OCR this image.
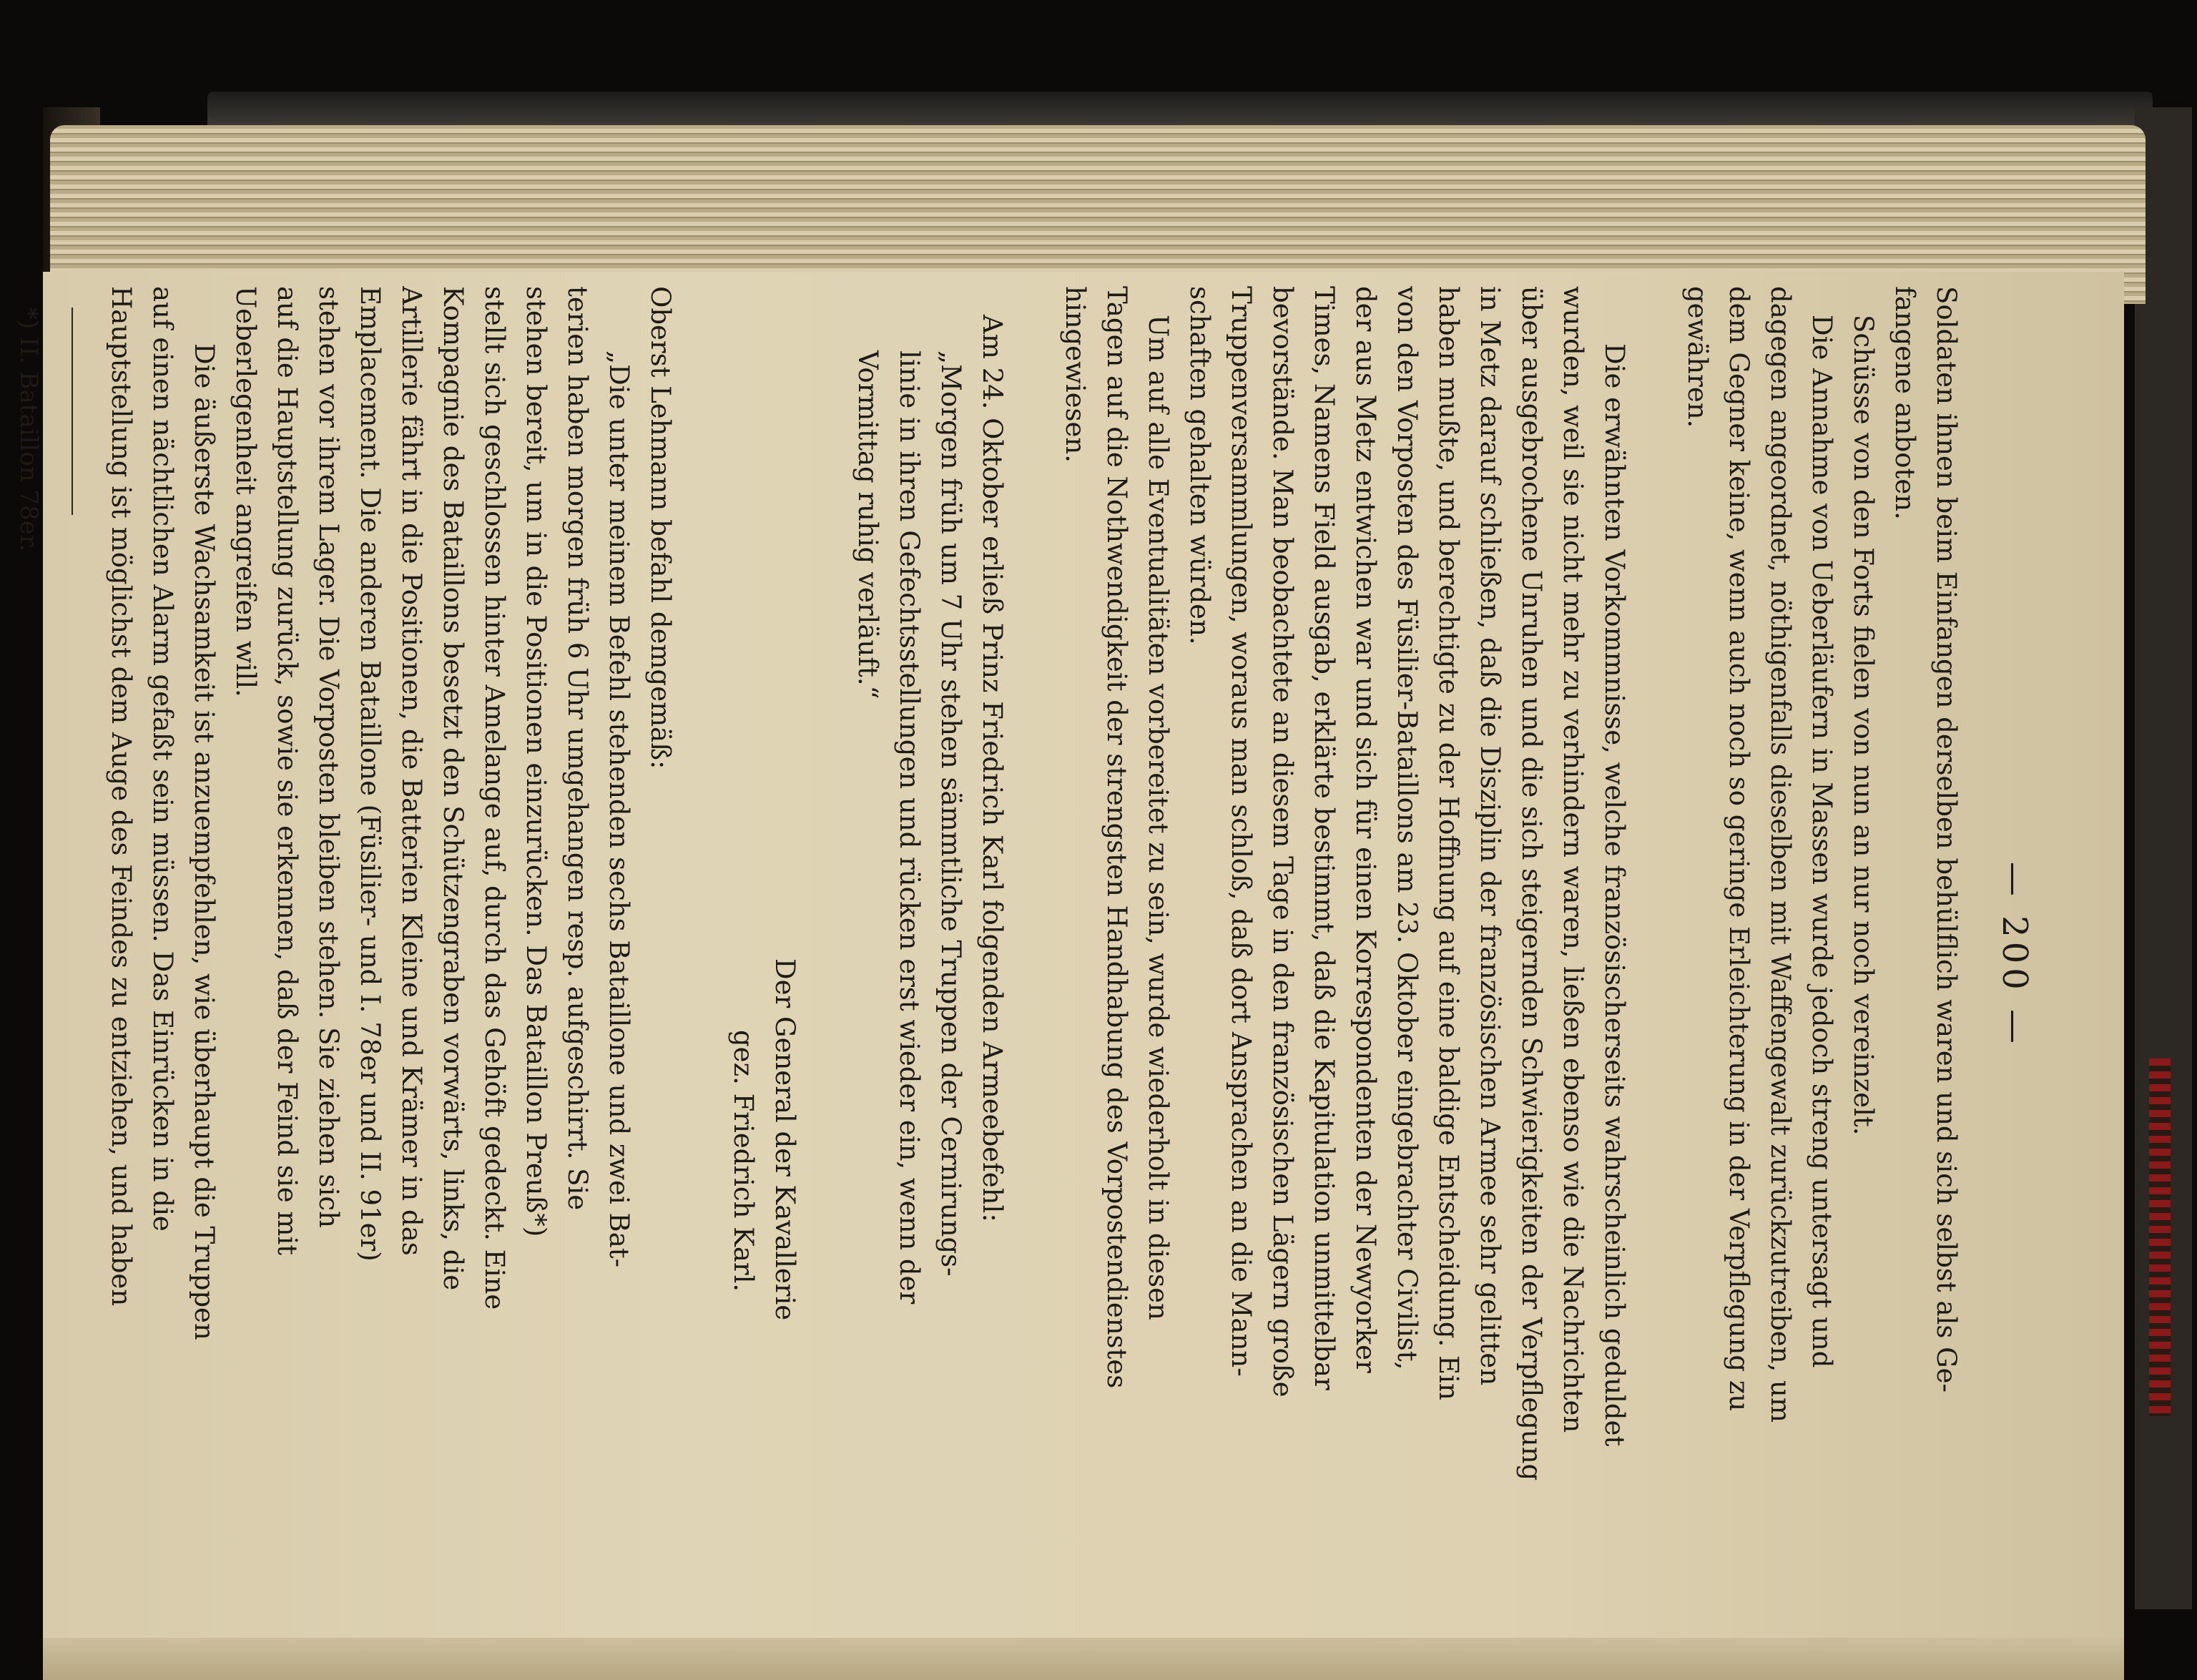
— 200 —
Soldaten ihnen beim Einfangen derselben behülflich waren und sich selbst als Ge-
fangene anboten.
Schüsse von den Forts fielen von nun an nur noch vereinzelt.
Die Annahme von Ueberläufern in Massen wurde jedoch streng untersagt und
dagegen angeordnet, nöthigenfalls dieselben mit Waffengewalt zurückzutreiben, um
dem Gegner keine, wenn auch noch so geringe Erleichterung in der Verpflegung zu
gewähren.
Die erwähnten Vorkommnisse, welche französischerseits wahrscheinlich geduldet
wurden, weil sie nicht mehr zu verhindern waren, ließen ebenso wie die Nachrichten
über ausgebrochene Unruhen und die sich steigernden Schwierigkeiten der Verpflegung
in Metz darauf schließen, daß die Disziplin der französischen Armee sehr gelitten
haben mußte, und berechtigte zu der Hoffnung auf eine baldige Entscheidung. Ein
von den Vorposten des Füsilier-Bataillons am 23. Oktober eingebrachter Civilist,
der aus Metz entwichen war und sich für einen Korrespondenten der Newyorker
Times, Namens Field ausgab, erklärte bestimmt, daß die Kapitulation unmittelbar
bevorstände. Man beobachtete an diesem Tage in den französischen Lägern große
Truppenversammlungen, woraus man schloß, daß dort Ansprachen an die Mann-
schaften gehalten würden.
Um auf alle Eventualitäten vorbereitet zu sein, wurde wiederholt in diesen
Tagen auf die Nothwendigkeit der strengsten Handhabung des Vorpostendienstes
hingewiesen.
Am 24. Oktober erließ Prinz Friedrich Karl folgenden Armeebefehl:
„Morgen früh um 7 Uhr stehen sämmtliche Truppen der Cernirungs-
linie in ihren Gefechtsstellungen und rücken erst wieder ein, wenn der
Vormittag ruhig verläuft.“
Der General der Kavallerie
gez. Friedrich Karl.
Oberst Lehmann befahl demgemäß:
„Die unter meinem Befehl stehenden sechs Bataillone und zwei Bat-
terien haben morgen früh 6 Uhr umgehangen resp. aufgeschirrt. Sie
stehen bereit, um in die Positionen einzurücken. Das Bataillon Preuß*)
stellt sich geschlossen hinter Amelange auf, durch das Gehöft gedeckt. Eine
Kompagnie des Bataillons besetzt den Schützengraben vorwärts, links, die
Artillerie fährt in die Positionen, die Batterien Kleine und Krämer in das
Emplacement. Die anderen Bataillone (Füsilier- und I. 78er und II. 91er)
stehen vor ihrem Lager. Die Vorposten bleiben stehen. Sie ziehen sich
auf die Hauptstellung zurück, sowie sie erkennen, daß der Feind sie mit
Ueberlegenheit angreifen will.
Die äußerste Wachsamkeit ist anzuempfehlen, wie überhaupt die Truppen
auf einen nächtlichen Alarm gefaßt sein müssen. Das Einrücken in die
Hauptstellung ist möglichst dem Auge des Feindes zu entziehen, und haben
*) II. Bataillon 78er.
